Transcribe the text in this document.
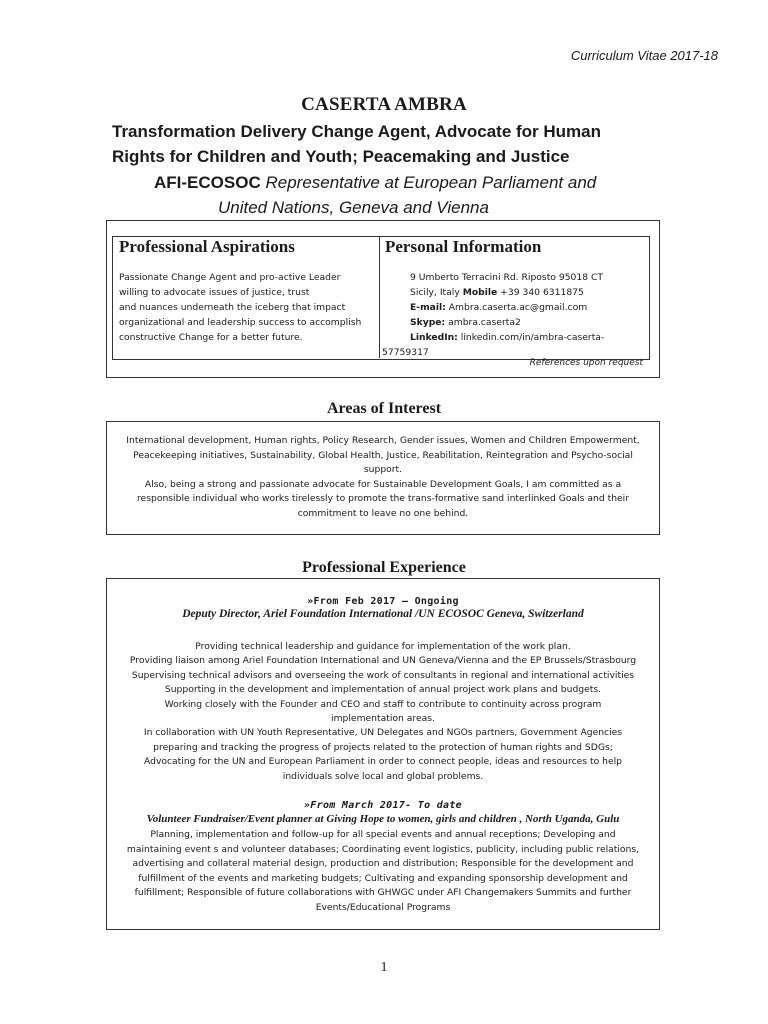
Curriculum Vitae 2017-18
CASERTA AMBRA
Transformation Delivery Change Agent, Advocate for Human
Rights for Children and Youth; Peacemaking and Justice
AFI-ECOSOC Representative at European Parliament and
United Nations, Geneva and Vienna
Professional Aspirations
Passionate Change Agent and pro-active Leader
willing to advocate issues of justice, trust
and nuances underneath the iceberg that impact
organizational and leadership success to accomplish
constructive Change for a better future.
Personal Information
9 Umberto Terracini Rd. Riposto 95018 CT
Sicily, Italy Mobile +39 340 6311875
E-mail: Ambra.caserta.ac@gmail.com
Skype: ambra.caserta2
LinkedIn: linkedin.com/in/ambra-caserta-
57759317
References upon request
Areas of Interest
International development, Human rights, Policy Research, Gender issues, Women and Children Empowerment,
Peacekeeping initiatives, Sustainability, Global Health, Justice, Reabilitation, Reintegration and Psycho-social
support.
Also, being a strong and passionate advocate for Sustainable Development Goals, I am committed as a
responsible individual who works tirelessly to promote the trans-formative sand interlinked Goals and their
commitment to leave no one behind.
Professional Experience
»From Feb 2017 – Ongoing
Deputy Director, Ariel Foundation International /UN ECOSOC Geneva, Switzerland
Providing technical leadership and guidance for implementation of the work plan.
Providing liaison among Ariel Foundation International and UN Geneva/Vienna and the EP Brussels/Strasbourg
Supervising technical advisors and overseeing the work of consultants in regional and international activities
Supporting in the development and implementation of annual project work plans and budgets.
Working closely with the Founder and CEO and staff to contribute to continuity across program
implementation areas.
In collaboration with UN Youth Representative, UN Delegates and NGOs partners, Government Agencies
preparing and tracking the progress of projects related to the protection of human rights and SDGs;
Advocating for the UN and European Parliament in order to connect people, ideas and resources to help
individuals solve local and global problems.
»From March 2017- To date
Volunteer Fundraiser/Event planner at Giving Hope to women, girls and children , North Uganda, Gulu
Planning, implementation and follow-up for all special events and annual receptions; Developing and
maintaining event s and volunteer databases; Coordinating event logistics, publicity, including public relations,
advertising and collateral material design, production and distribution; Responsible for the development and
fulfillment of the events and marketing budgets; Cultivating and expanding sponsorship development and
fulfillment; Responsible of future collaborations with GHWGC under AFI Changemakers Summits and further
Events/Educational Programs
1
